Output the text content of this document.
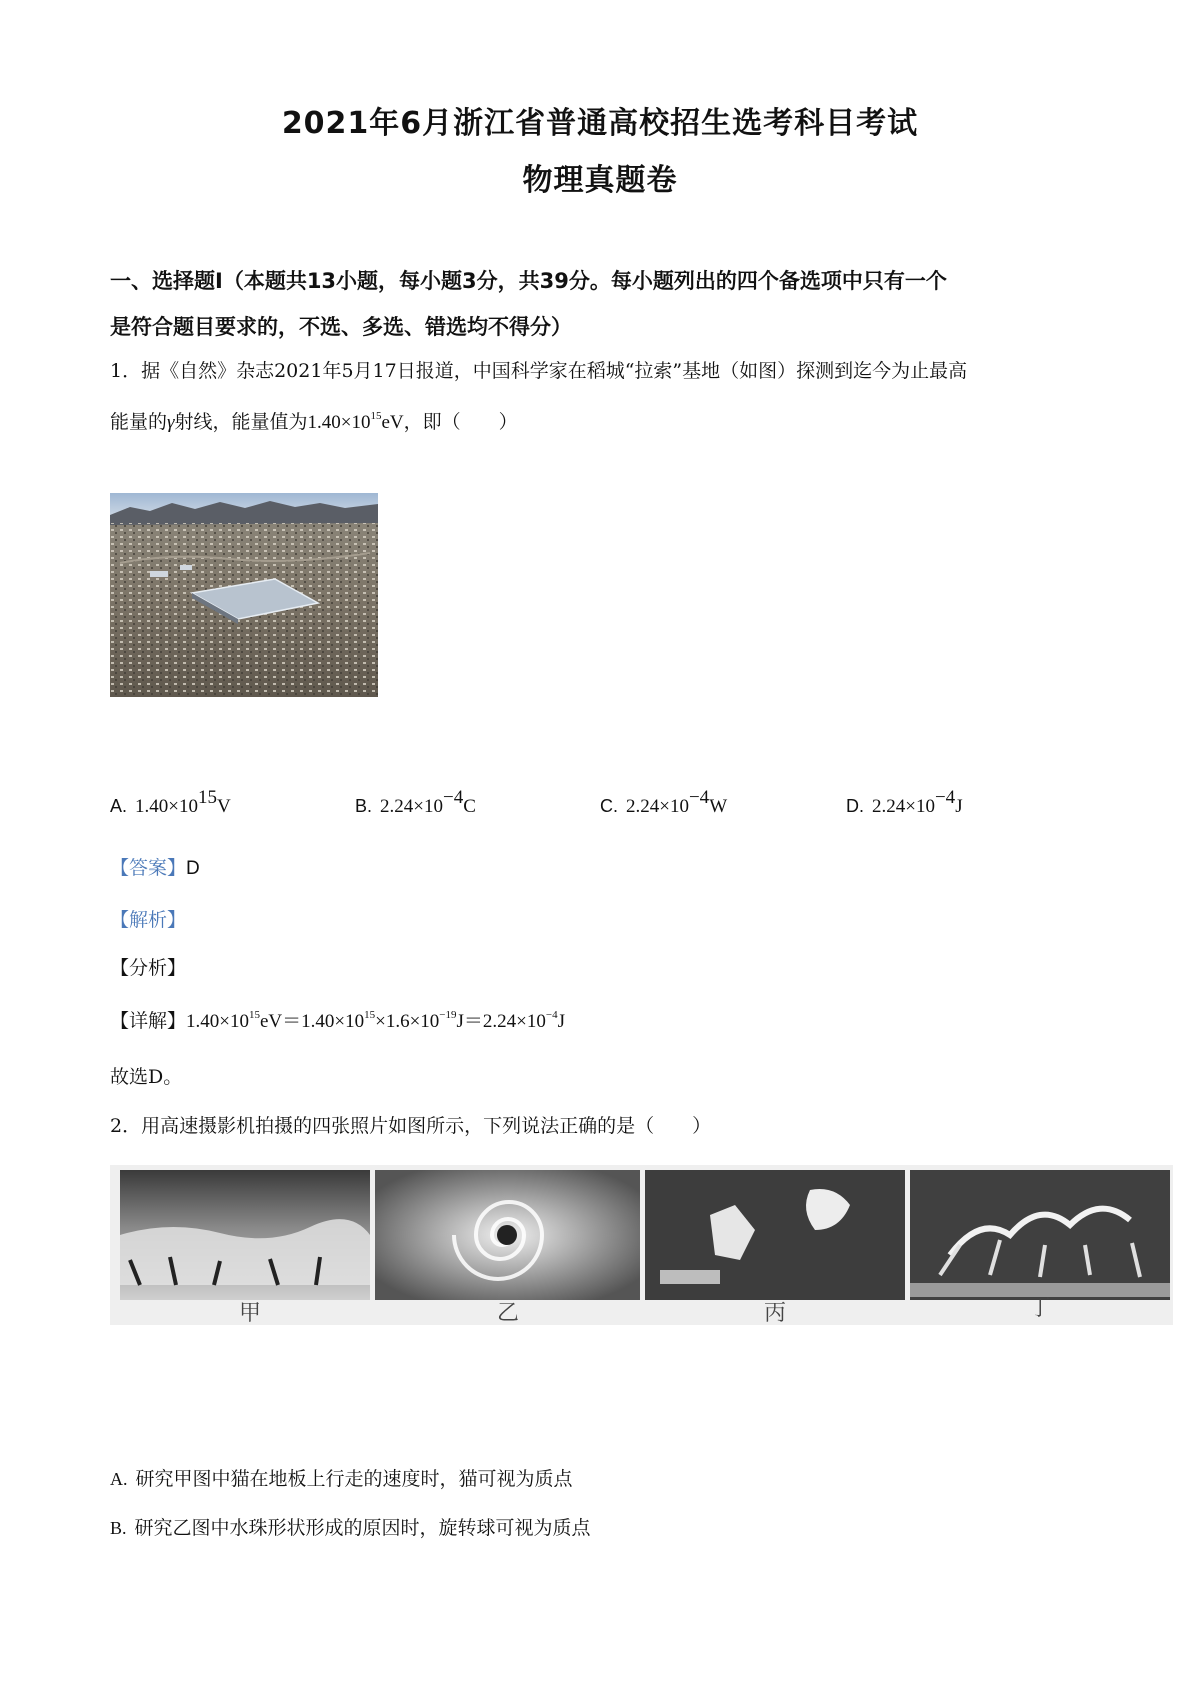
2021年6月浙江省普通高校招生选考科目考试
物理真题卷
一、选择题Ⅰ（本题共13小题，每小题3分，共39分。每小题列出的四个备选项中只有一个
是符合题目要求的，不选、多选、错选均不得分）
1．据《自然》杂志2021年5月17日报道，中国科学家在稻城“拉索”基地（如图）探测到迄今为止最高
能量的γ射线，能量值为$1.40\times 10^{15}eV$，即（　　）
A. $1.40\times 10^{15}V$	B. $2.24\times 10^{-4}C$	C. $2.24\times 10^{-4}W$	D. $2.24\times 10^{-4}J$
【答案】D
【解析】
【分析】
【详解】$1.40\times 10^{15}eV=1.40\times 10^{15}\times 1.6\times 10^{-19}J=2.24\times 10^{-4}J$
故选D。
2．用高速摄影机拍摄的四张照片如图所示，下列说法正确的是（　　）
甲	乙	丙	丁
A. 研究甲图中猫在地板上行走的速度时，猫可视为质点
B. 研究乙图中水珠形状形成的原因时，旋转球可视为质点
